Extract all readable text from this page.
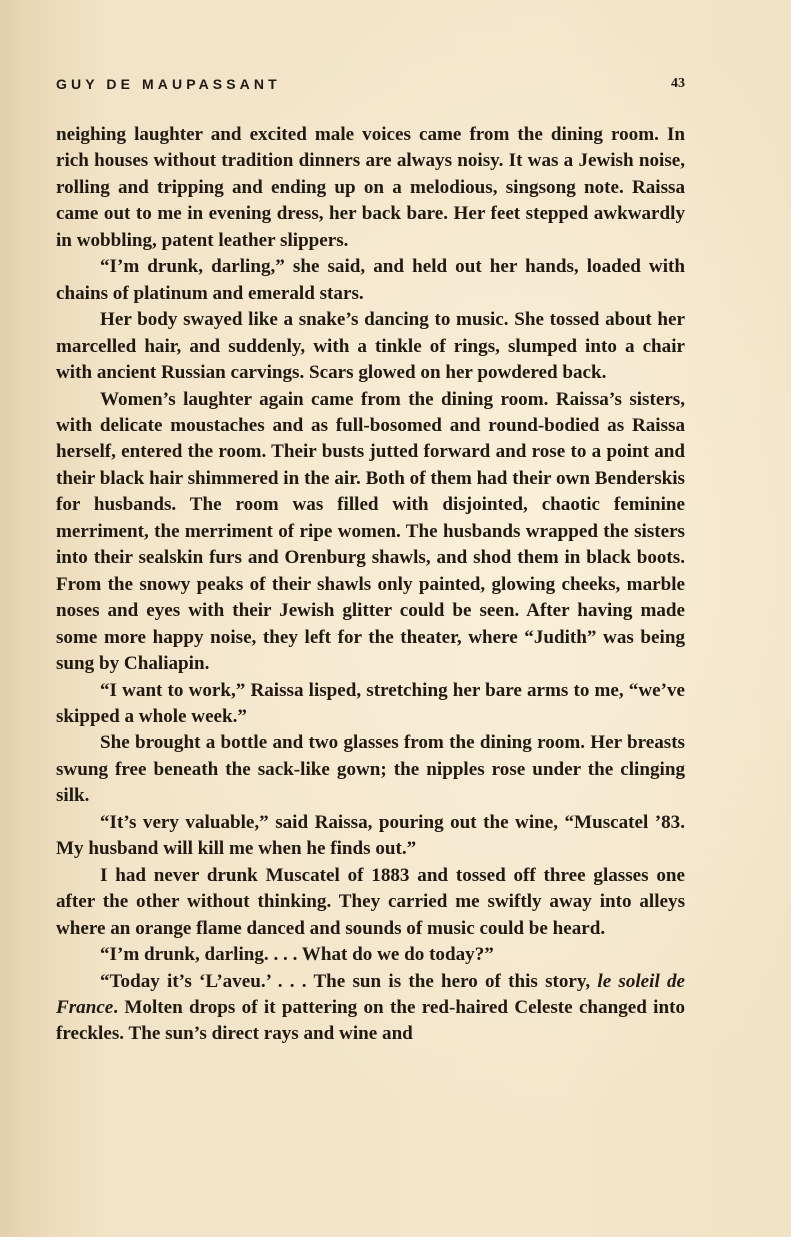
GUY DE MAUPASSANT	43

neighing laughter and excited male voices came from the dining room. In rich houses without tradition dinners are always noisy. It was a Jewish noise, rolling and tripping and ending up on a melodious, singsong note. Raissa came out to me in evening dress, her back bare. Her feet stepped awkwardly in wobbling, patent leather slippers.

“I’m drunk, darling,” she said, and held out her hands, loaded with chains of platinum and emerald stars.

Her body swayed like a snake’s dancing to music. She tossed about her marcelled hair, and suddenly, with a tinkle of rings, slumped into a chair with ancient Russian carvings. Scars glowed on her powdered back.

Women’s laughter again came from the dining room. Raissa’s sisters, with delicate moustaches and as full-bosomed and round-bodied as Raissa herself, entered the room. Their busts jutted forward and rose to a point and their black hair shimmered in the air. Both of them had their own Benderskis for husbands. The room was filled with disjointed, chaotic feminine merriment, the merriment of ripe women. The husbands wrapped the sisters into their sealskin furs and Orenburg shawls, and shod them in black boots. From the snowy peaks of their shawls only painted, glowing cheeks, marble noses and eyes with their Jewish glitter could be seen. After having made some more happy noise, they left for the theater, where “Judith” was being sung by Chaliapin.

“I want to work,” Raissa lisped, stretching her bare arms to me, “we’ve skipped a whole week.”

She brought a bottle and two glasses from the dining room. Her breasts swung free beneath the sack-like gown; the nipples rose under the clinging silk.

“It’s very valuable,” said Raissa, pouring out the wine, “Muscatel ’83. My husband will kill me when he finds out.”

I had never drunk Muscatel of 1883 and tossed off three glasses one after the other without thinking. They carried me swiftly away into alleys where an orange flame danced and sounds of music could be heard.

“I’m drunk, darling. . . . What do we do today?”

“Today it’s ‘L’aveu.’ . . . The sun is the hero of this story, le soleil de France. Molten drops of it pattering on the red-haired Celeste changed into freckles. The sun’s direct rays and wine and
